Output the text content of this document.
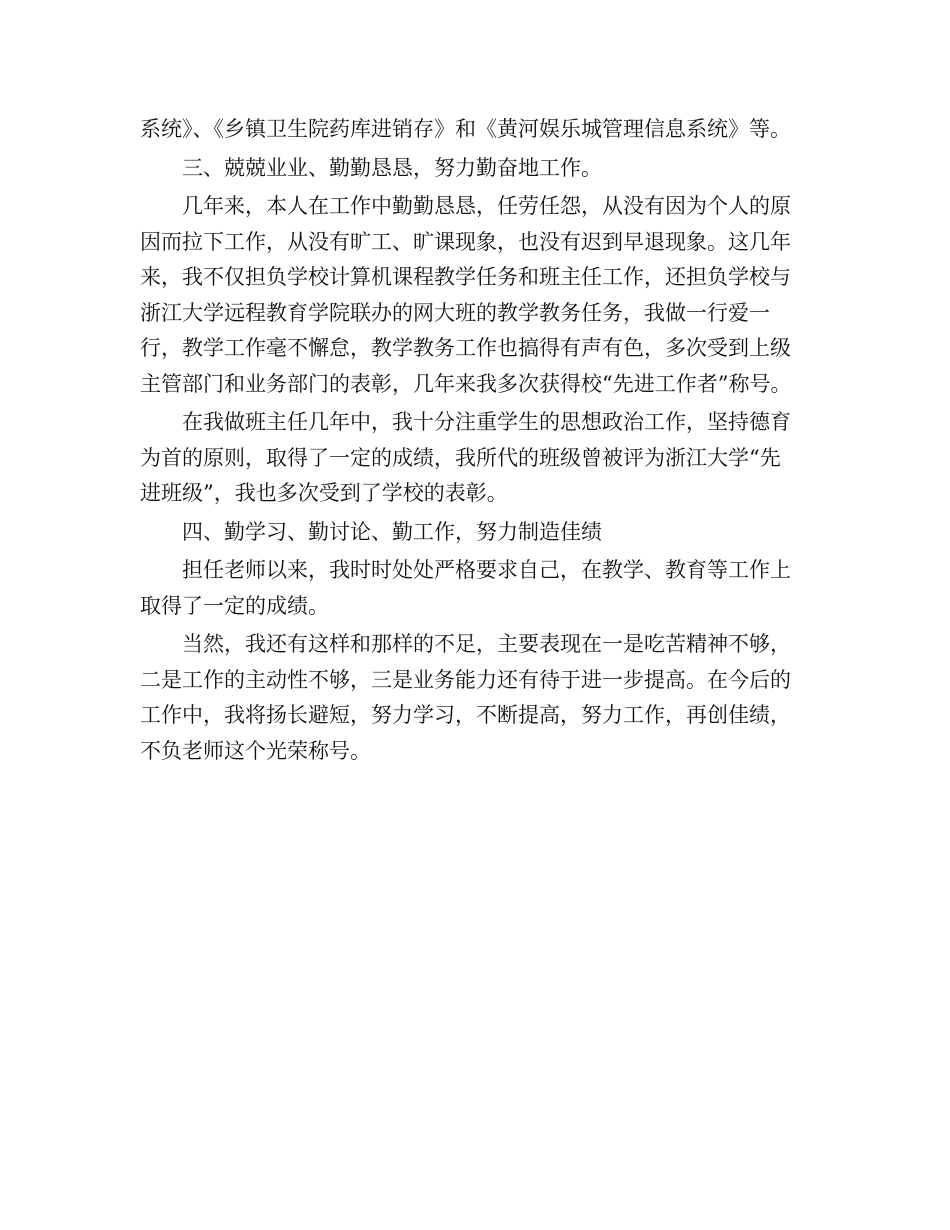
系统》、《乡镇卫生院药库进销存》和《黄河娱乐城管理信息系统》等。

三、兢兢业业、勤勤恳恳，努力勤奋地工作。

几年来，本人在工作中勤勤恳恳，任劳任怨，从没有因为个人的原因而拉下工作，从没有旷工、旷课现象，也没有迟到早退现象。这几年来，我不仅担负学校计算机课程教学任务和班主任工作，还担负学校与浙江大学远程教育学院联办的网大班的教学教务任务，我做一行爱一行，教学工作毫不懈怠，教学教务工作也搞得有声有色，多次受到上级主管部门和业务部门的表彰，几年来我多次获得校“先进工作者”称号。

在我做班主任几年中，我十分注重学生的思想政治工作，坚持德育为首的原则，取得了一定的成绩，我所代的班级曾被评为浙江大学“先进班级”，我也多次受到了学校的表彰。

四、勤学习、勤讨论、勤工作，努力制造佳绩

担任老师以来，我时时处处严格要求自己，在教学、教育等工作上取得了一定的成绩。

当然，我还有这样和那样的不足，主要表现在一是吃苦精神不够，二是工作的主动性不够，三是业务能力还有待于进一步提高。在今后的工作中，我将扬长避短，努力学习，不断提高，努力工作，再创佳绩，不负老师这个光荣称号。
